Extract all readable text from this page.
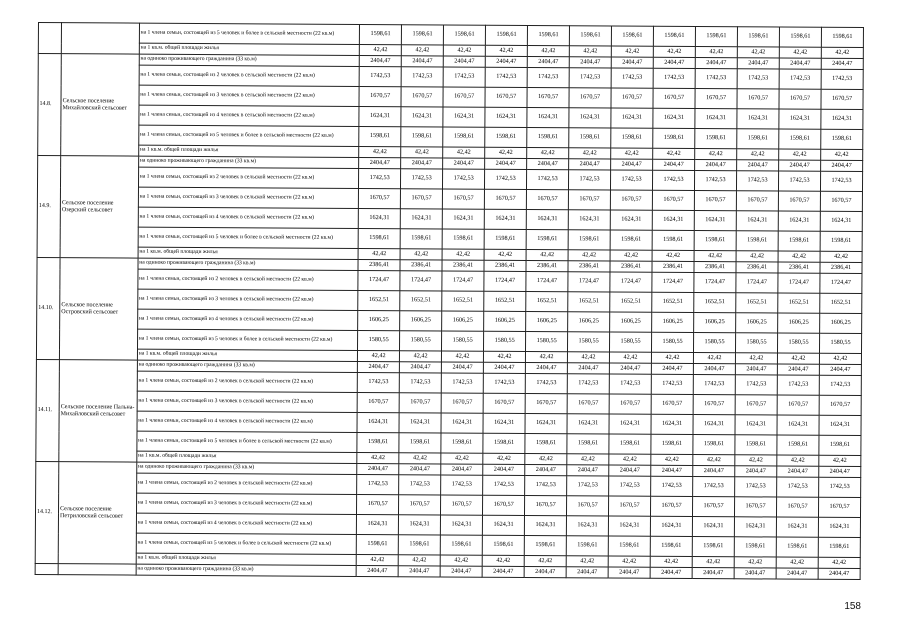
		на 1 члена семьи, состоящей из 5 человек и более в сельской местности (22 кв.м)	1598,61	1598,61	1598,61	1598,61	1598,61	1598,61	1598,61	1598,61	1598,61	1598,61	1598,61	1598,61
		на 1 кв.м. общей площади жилья	42,42	42,42	42,42	42,42	42,42	42,42	42,42	42,42	42,42	42,42	42,42	42,42
14.8.	Сельское поселение Михайловский сельсовет	на одиноко проживающего гражданина (33 кв.м)	2404,47	2404,47	2404,47	2404,47	2404,47	2404,47	2404,47	2404,47	2404,47	2404,47	2404,47	2404,47
		на 1 члена семьи, состоящей из 2 человек в сельской местности (22 кв.м)	1742,53	1742,53	1742,53	1742,53	1742,53	1742,53	1742,53	1742,53	1742,53	1742,53	1742,53	1742,53
		на 1 члена семьи, состоящей из 3 человек в сельской местности (22 кв.м)	1670,57	1670,57	1670,57	1670,57	1670,57	1670,57	1670,57	1670,57	1670,57	1670,57	1670,57	1670,57
		на 1 члена семьи, состоящей из 4 человек в сельской местности (22 кв.м)	1624,31	1624,31	1624,31	1624,31	1624,31	1624,31	1624,31	1624,31	1624,31	1624,31	1624,31	1624,31
		на 1 члена семьи, состоящей из 5 человек и более в сельской местности (22 кв.м)	1598,61	1598,61	1598,61	1598,61	1598,61	1598,61	1598,61	1598,61	1598,61	1598,61	1598,61	1598,61
		на 1 кв.м. общей площади жилья	42,42	42,42	42,42	42,42	42,42	42,42	42,42	42,42	42,42	42,42	42,42	42,42
14.9.	Сельское поселение Озерский сельсовет	на одиноко проживающего гражданина (33 кв.м)	2404,47	2404,47	2404,47	2404,47	2404,47	2404,47	2404,47	2404,47	2404,47	2404,47	2404,47	2404,47
		на 1 члена семьи, состоящей из 2 человек в сельской местности (22 кв.м)	1742,53	1742,53	1742,53	1742,53	1742,53	1742,53	1742,53	1742,53	1742,53	1742,53	1742,53	1742,53
		на 1 члена семьи, состоящей из 3 человек в сельской местности (22 кв.м)	1670,57	1670,57	1670,57	1670,57	1670,57	1670,57	1670,57	1670,57	1670,57	1670,57	1670,57	1670,57
		на 1 члена семьи, состоящей из 4 человек в сельской местности (22 кв.м)	1624,31	1624,31	1624,31	1624,31	1624,31	1624,31	1624,31	1624,31	1624,31	1624,31	1624,31	1624,31
		на 1 члена семьи, состоящей из 5 человек и более в сельской местности (22 кв.м)	1598,61	1598,61	1598,61	1598,61	1598,61	1598,61	1598,61	1598,61	1598,61	1598,61	1598,61	1598,61
		на 1 кв.м. общей площади жилья	42,42	42,42	42,42	42,42	42,42	42,42	42,42	42,42	42,42	42,42	42,42	42,42
14.10.	Сельское поселение Островский сельсовет	на одиноко проживающего гражданина (33 кв.м)	2386,41	2386,41	2386,41	2386,41	2386,41	2386,41	2386,41	2386,41	2386,41	2386,41	2386,41	2386,41
		на 1 члена семьи, состоящей из 2 человек в сельской местности (22 кв.м)	1724,47	1724,47	1724,47	1724,47	1724,47	1724,47	1724,47	1724,47	1724,47	1724,47	1724,47	1724,47
		на 1 члена семьи, состоящей из 3 человек в сельской местности (22 кв.м)	1652,51	1652,51	1652,51	1652,51	1652,51	1652,51	1652,51	1652,51	1652,51	1652,51	1652,51	1652,51
		на 1 члена семьи, состоящей из 4 человек в сельской местности (22 кв.м)	1606,25	1606,25	1606,25	1606,25	1606,25	1606,25	1606,25	1606,25	1606,25	1606,25	1606,25	1606,25
		на 1 члена семьи, состоящей из 5 человек и более в сельской местности (22 кв.м)	1580,55	1580,55	1580,55	1580,55	1580,55	1580,55	1580,55	1580,55	1580,55	1580,55	1580,55	1580,55
		на 1 кв.м. общей площади жилья	42,42	42,42	42,42	42,42	42,42	42,42	42,42	42,42	42,42	42,42	42,42	42,42
14.11.	Сельское поселение Пальна-Михайловский сельсовет	на одиноко проживающего гражданина (33 кв.м)	2404,47	2404,47	2404,47	2404,47	2404,47	2404,47	2404,47	2404,47	2404,47	2404,47	2404,47	2404,47
		на 1 члена семьи, состоящей из 2 человек в сельской местности (22 кв.м)	1742,53	1742,53	1742,53	1742,53	1742,53	1742,53	1742,53	1742,53	1742,53	1742,53	1742,53	1742,53
		на 1 члена семьи, состоящей из 3 человек в сельской местности (22 кв.м)	1670,57	1670,57	1670,57	1670,57	1670,57	1670,57	1670,57	1670,57	1670,57	1670,57	1670,57	1670,57
		на 1 члена семьи, состоящей из 4 человек в сельской местности (22 кв.м)	1624,31	1624,31	1624,31	1624,31	1624,31	1624,31	1624,31	1624,31	1624,31	1624,31	1624,31	1624,31
		на 1 члена семьи, состоящей из 5 человек и более в сельской местности (22 кв.м)	1598,61	1598,61	1598,61	1598,61	1598,61	1598,61	1598,61	1598,61	1598,61	1598,61	1598,61	1598,61
		на 1 кв.м. общей площади жилья	42,42	42,42	42,42	42,42	42,42	42,42	42,42	42,42	42,42	42,42	42,42	42,42
14.12.	Сельское поселение Петриловский сельсовет	на одиноко проживающего гражданина (33 кв.м)	2404,47	2404,47	2404,47	2404,47	2404,47	2404,47	2404,47	2404,47	2404,47	2404,47	2404,47	2404,47
		на 1 члена семьи, состоящей из 2 человек в сельской местности (22 кв.м)	1742,53	1742,53	1742,53	1742,53	1742,53	1742,53	1742,53	1742,53	1742,53	1742,53	1742,53	1742,53
		на 1 члена семьи, состоящей из 3 человек в сельской местности (22 кв.м)	1670,57	1670,57	1670,57	1670,57	1670,57	1670,57	1670,57	1670,57	1670,57	1670,57	1670,57	1670,57
		на 1 члена семьи, состоящей из 4 человек в сельской местности (22 кв.м)	1624,31	1624,31	1624,31	1624,31	1624,31	1624,31	1624,31	1624,31	1624,31	1624,31	1624,31	1624,31
		на 1 члена семьи, состоящей из 5 человек и более в сельской местности (22 кв.м)	1598,61	1598,61	1598,61	1598,61	1598,61	1598,61	1598,61	1598,61	1598,61	1598,61	1598,61	1598,61
		на 1 кв.м. общей площади жилья	42,42	42,42	42,42	42,42	42,42	42,42	42,42	42,42	42,42	42,42	42,42	42,42
		на одиноко проживающего гражданина (33 кв.м)	2404,47	2404,47	2404,47	2404,47	2404,47	2404,47	2404,47	2404,47	2404,47	2404,47	2404,47	2404,47
158
